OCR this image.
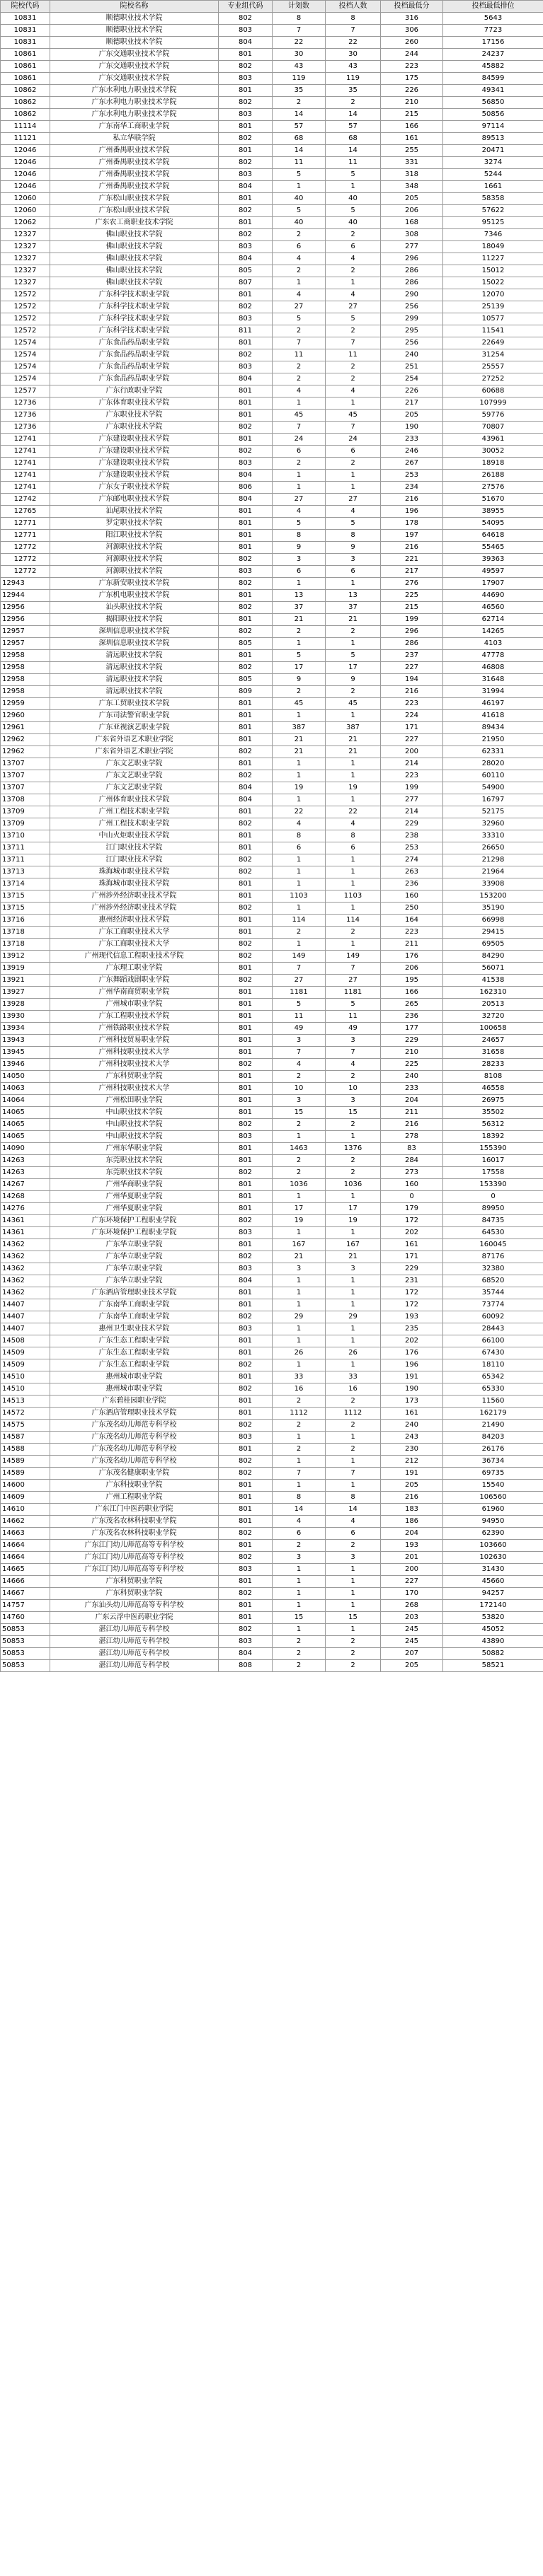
院校代码	院校名称	专业组代码	计划数	投档人数	投档最低分	投档最低排位
10831	顺德职业技术学院	802	8	8	316	5643
10831	顺德职业技术学院	803	7	7	306	7723
10831	顺德职业技术学院	804	22	22	260	17156
10861	广东交通职业技术学院	801	30	30	244	24237
10861	广东交通职业技术学院	802	43	43	223	45882
10861	广东交通职业技术学院	803	119	119	175	84599
10862	广东水利电力职业技术学院	801	35	35	226	49341
10862	广东水利电力职业技术学院	802	2	2	210	56850
10862	广东水利电力职业技术学院	803	14	14	215	50856
11114	广东南华工商职业学院	801	57	57	166	97114
11121	私立华联学院	802	68	68	161	89513
12046	广州番禺职业技术学院	801	14	14	255	20471
12046	广州番禺职业技术学院	802	11	11	331	3274
12046	广州番禺职业技术学院	803	5	5	318	5244
12046	广州番禺职业技术学院	804	1	1	348	1661
12060	广东松山职业技术学院	801	40	40	205	58358
12060	广东松山职业技术学院	802	5	5	206	57622
12062	广东农工商职业技术学院	801	40	40	168	95125
12327	佛山职业技术学院	802	2	2	308	7346
12327	佛山职业技术学院	803	6	6	277	18049
12327	佛山职业技术学院	804	4	4	296	11227
12327	佛山职业技术学院	805	2	2	286	15012
12327	佛山职业技术学院	807	1	1	286	15022
12572	广东科学技术职业学院	801	4	4	290	12070
12572	广东科学技术职业学院	802	27	27	256	25139
12572	广东科学技术职业学院	803	5	5	299	10577
12572	广东科学技术职业学院	811	2	2	295	11541
12574	广东食品药品职业学院	801	7	7	256	22649
12574	广东食品药品职业学院	802	11	11	240	31254
12574	广东食品药品职业学院	803	2	2	251	25557
12574	广东食品药品职业学院	804	2	2	254	27252
12577	广东行政职业学院	801	4	4	226	60688
12736	广东体育职业技术学院	801	1	1	217	107999
12736	广东职业技术学院	801	45	45	205	59776
12736	广东职业技术学院	802	7	7	190	70807
12741	广东建设职业技术学院	801	24	24	233	43961
12741	广东建设职业技术学院	802	6	6	246	30052
12741	广东建设职业技术学院	803	2	2	267	18918
12741	广东建设职业技术学院	804	1	1	253	26188
12741	广东女子职业技术学院	806	1	1	234	27576
12742	广东邮电职业技术学院	804	27	27	216	51670
12765	汕尾职业技术学院	801	4	4	196	38955
12771	罗定职业技术学院	801	5	5	178	54095
12771	阳江职业技术学院	801	8	8	197	64618
12772	河源职业技术学院	801	9	9	216	55465
12772	河源职业技术学院	802	3	3	221	39363
12772	河源职业技术学院	803	6	6	217	49597
12943	广东新安职业技术学院	802	1	1	276	17907
12944	广东机电职业技术学院	801	13	13	225	44690
12956	汕头职业技术学院	802	37	37	215	46560
12956	揭阳职业技术学院	801	21	21	199	62714
12957	深圳信息职业技术学院	802	2	2	296	14265
12957	深圳信息职业技术学院	805	1	1	286	4103
12958	清远职业技术学院	801	5	5	237	47778
12958	清远职业技术学院	802	17	17	227	46808
12958	清远职业技术学院	805	9	9	194	31648
12958	清远职业技术学院	809	2	2	216	31994
12959	广东工贸职业技术学院	801	45	45	223	46197
12960	广东司法警官职业学院	801	1	1	224	41618
12961	广东亚视演艺职业学院	801	387	387	171	89434
12962	广东省外语艺术职业学院	801	21	21	227	21950
12962	广东省外语艺术职业学院	802	21	21	200	62331
13707	广东文艺职业学院	801	1	1	214	28020
13707	广东文艺职业学院	802	1	1	223	60110
13707	广东文艺职业学院	804	19	19	199	54900
13708	广州体育职业技术学院	804	1	1	277	16797
13709	广州工程技术职业学院	801	22	22	214	52175
13709	广州工程技术职业学院	802	4	4	229	32960
13710	中山火炬职业技术学院	801	8	8	238	33310
13711	江门职业技术学院	801	6	6	253	26650
13711	江门职业技术学院	802	1	1	274	21298
13713	珠海城市职业技术学院	802	1	1	263	21964
13714	珠海城市职业技术学院	801	1	1	236	33908
13715	广州涉外经济职业技术学院	801	1103	1103	160	153200
13715	广州涉外经济职业技术学院	802	1	1	250	35190
13716	惠州经济职业技术学院	801	114	114	164	66998
13718	广东工商职业技术大学	801	2	2	223	29415
13718	广东工商职业技术大学	802	1	1	211	69505
13912	广州现代信息工程职业技术学院	802	149	149	176	84290
13919	广东理工职业学院	801	7	7	206	56071
13921	广东舞蹈戏剧职业学院	802	27	27	195	41538
13927	广州华南商贸职业学院	801	1181	1181	166	162310
13928	广州城市职业学院	801	5	5	265	20513
13930	广东工程职业技术学院	801	11	11	236	32720
13934	广州铁路职业技术学院	801	49	49	177	100658
13943	广州科技贸易职业学院	801	3	3	229	24657
13945	广州科技职业技术大学	801	7	7	210	31658
13946	广州科技职业技术大学	802	4	4	225	28233
14050	广东科贸职业学院	801	2	2	240	8108
14063	广州科技职业技术大学	801	10	10	233	46558
14064	广州松田职业学院	801	3	3	204	26975
14065	中山职业技术学院	801	15	15	211	35502
14065	中山职业技术学院	802	2	2	216	56312
14065	中山职业技术学院	803	1	1	278	18392
14090	广州东华职业学院	801	1463	1376	83	155390
14263	东莞职业技术学院	801	2	2	284	16017
14263	东莞职业技术学院	802	2	2	273	17558
14267	广州华商职业学院	801	1036	1036	160	153390
14268	广州华夏职业学院	801	1	1	0	0
14276	广州华夏职业学院	801	17	17	179	89950
14361	广东环境保护工程职业学院	802	19	19	172	84735
14361	广东环境保护工程职业学院	803	1	1	202	64530
14362	广东华立职业学院	801	167	167	161	160045
14362	广东华立职业学院	802	21	21	171	87176
14362	广东华立职业学院	803	3	3	229	32380
14362	广东华立职业学院	804	1	1	231	68520
14362	广东酒店管理职业技术学院	801	1	1	172	35744
14407	广东南华工商职业学院	801	1	1	172	73774
14407	广东南华工商职业学院	802	29	29	193	60092
14407	惠州卫生职业技术学院	803	1	1	235	28443
14508	广东生态工程职业学院	801	1	1	202	66100
14509	广东生态工程职业学院	801	26	26	176	67430
14509	广东生态工程职业学院	802	1	1	196	18110
14510	惠州城市职业学院	801	33	33	191	65342
14510	惠州城市职业学院	802	16	16	190	65330
14513	广东碧桂园职业学院	801	2	2	173	11560
14572	广东酒店管理职业技术学院	801	1112	1112	161	162179
14575	广东茂名幼儿师范专科学校	802	2	2	240	21490
14587	广东茂名幼儿师范专科学校	803	1	1	243	84203
14588	广东茂名幼儿师范专科学校	801	2	2	230	26176
14589	广东茂名幼儿师范专科学校	802	1	1	212	36734
14589	广东茂名健康职业学院	802	7	7	191	69735
14600	广东科技职业学院	801	1	1	205	15540
14609	广州工程职业学院	801	8	8	216	106560
14610	广东江门中医药职业学院	801	14	14	183	61960
14662	广东茂名农林科技职业学院	801	4	4	186	94950
14663	广东茂名农林科技职业学院	802	6	6	204	62390
14664	广东江门幼儿师范高等专科学校	801	2	2	193	103660
14664	广东江门幼儿师范高等专科学校	802	3	3	201	102630
14665	广东江门幼儿师范高等专科学校	803	1	1	200	31430
14666	广东科贸职业学院	801	1	1	227	45660
14667	广东科贸职业学院	802	1	1	170	94257
14757	广东汕头幼儿师范高等专科学校	801	1	1	268	172140
14760	广东云浮中医药职业学院	801	15	15	203	53820
50853	湛江幼儿师范专科学校	802	1	1	245	45052
50853	湛江幼儿师范专科学校	803	2	2	245	43890
50853	湛江幼儿师范专科学校	804	2	2	207	50882
50853	湛江幼儿师范专科学校	808	2	2	205	58521
